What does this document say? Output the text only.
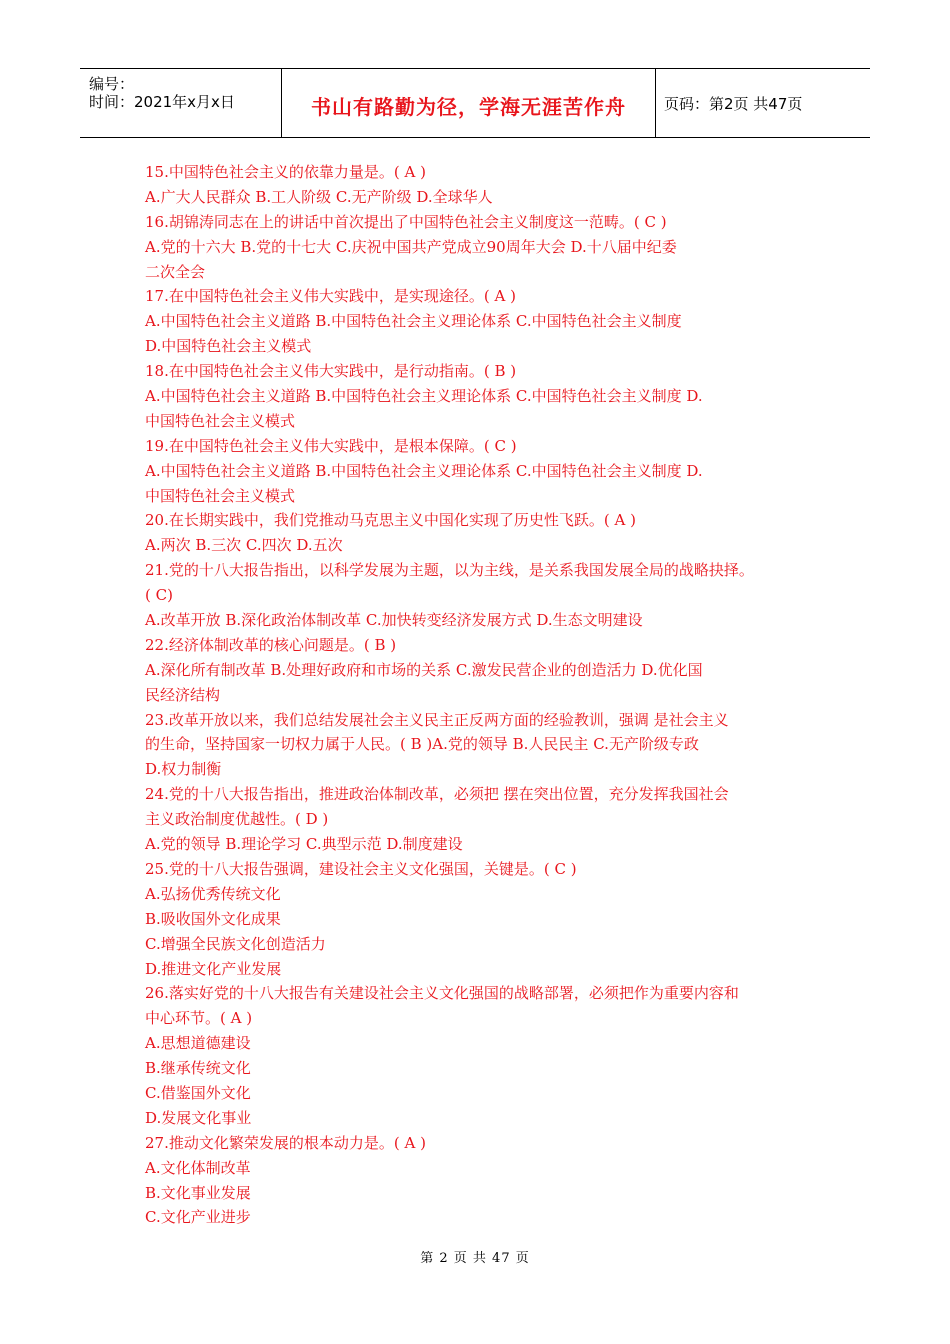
编号：
时间：2021年x月x日	书山有路勤为径，学海无涯苦作舟	页码：第2页 共47页
15.中国特色社会主义的依靠力量是。( A )
A.广大人民群众 B.工人阶级 C.无产阶级 D.全球华人
16.胡锦涛同志在上的讲话中首次提出了中国特色社会主义制度这一范畴。( C )
A.党的十六大 B.党的十七大 C.庆祝中国共产党成立90周年大会 D.十八届中纪委
二次全会
17.在中国特色社会主义伟大实践中，是实现途径。( A )
A.中国特色社会主义道路 B.中国特色社会主义理论体系 C.中国特色社会主义制度
D.中国特色社会主义模式
18.在中国特色社会主义伟大实践中，是行动指南。( B )
A.中国特色社会主义道路 B.中国特色社会主义理论体系 C.中国特色社会主义制度 D.
中国特色社会主义模式
19.在中国特色社会主义伟大实践中，是根本保障。( C )
A.中国特色社会主义道路 B.中国特色社会主义理论体系 C.中国特色社会主义制度 D.
中国特色社会主义模式
20.在长期实践中，我们党推动马克思主义中国化实现了历史性飞跃。( A )
A.两次 B.三次 C.四次 D.五次
21.党的十八大报告指出，以科学发展为主题，以为主线，是关系我国发展全局的战略抉择。
( C)
A.改革开放 B.深化政治体制改革 C.加快转变经济发展方式 D.生态文明建设
22.经济体制改革的核心问题是。( B )
A.深化所有制改革 B.处理好政府和市场的关系 C.激发民营企业的创造活力 D.优化国
民经济结构
23.改革开放以来，我们总结发展社会主义民主正反两方面的经验教训，强调 是社会主义
的生命，坚持国家一切权力属于人民。( B )A.党的领导 B.人民民主 C.无产阶级专政
D.权力制衡
24.党的十八大报告指出，推进政治体制改革，必须把 摆在突出位置，充分发挥我国社会
主义政治制度优越性。( D )
A.党的领导 B.理论学习 C.典型示范 D.制度建设
25.党的十八大报告强调，建设社会主义文化强国，关键是。( C )
A.弘扬优秀传统文化
B.吸收国外文化成果
C.增强全民族文化创造活力
D.推进文化产业发展
26.落实好党的十八大报告有关建设社会主义文化强国的战略部署，必须把作为重要内容和
中心环节。( A )
A.思想道德建设
B.继承传统文化
C.借鉴国外文化
D.发展文化事业
27.推动文化繁荣发展的根本动力是。( A )
A.文化体制改革
B.文化事业发展
C.文化产业进步
第 2 页 共 47 页
